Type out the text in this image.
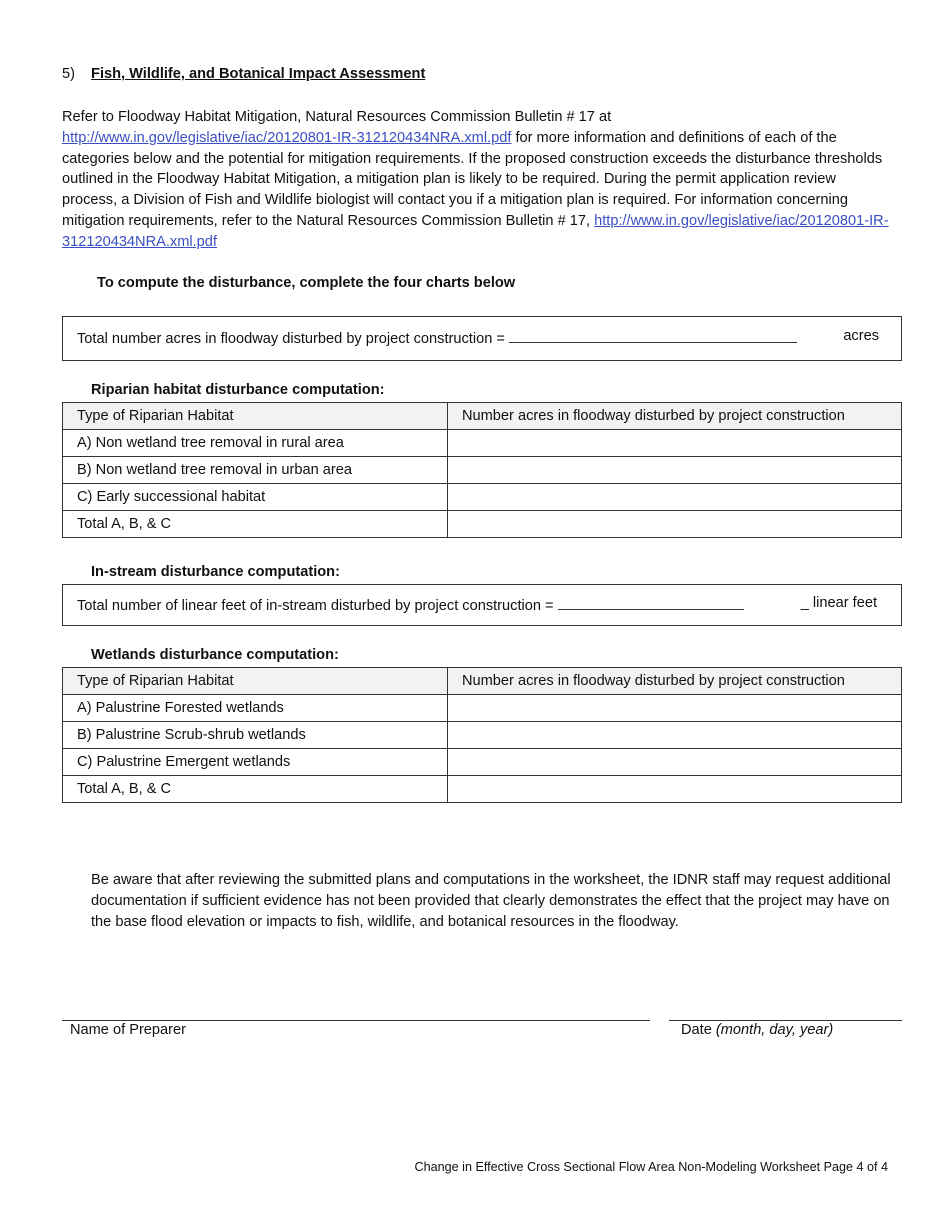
5) Fish, Wildlife, and Botanical Impact Assessment
Refer to Floodway Habitat Mitigation, Natural Resources Commission Bulletin # 17 at
http://www.in.gov/legislative/iac/20120801-IR-312120434NRA.xml.pdf for more information and definitions of each of the categories below and the potential for mitigation requirements. If the proposed construction exceeds the disturbance thresholds outlined in the Floodway Habitat Mitigation, a mitigation plan is likely to be required. During the permit application review process, a Division of Fish and Wildlife biologist will contact you if a mitigation plan is required. For information concerning mitigation requirements, refer to the Natural Resources Commission Bulletin # 17, http://www.in.gov/legislative/iac/20120801-IR-312120434NRA.xml.pdf
To compute the disturbance, complete the four charts below
Total number acres in floodway disturbed by project construction =	acres
Riparian habitat disturbance computation:
Type of Riparian Habitat	Number acres in floodway disturbed by project construction
A) Non wetland tree removal in rural area	
B) Non wetland tree removal in urban area	
C) Early successional habitat	
Total A, B, & C	
In-stream disturbance computation:
Total number of linear feet of in-stream disturbed by project construction =	_ linear feet
Wetlands disturbance computation:
Type of Riparian Habitat	Number acres in floodway disturbed by project construction
A) Palustrine Forested wetlands	
B) Palustrine Scrub-shrub wetlands	
C) Palustrine Emergent wetlands	
Total A, B, & C	
Be aware that after reviewing the submitted plans and computations in the worksheet, the IDNR staff may request additional documentation if sufficient evidence has not been provided that clearly demonstrates the effect that the project may have on the base flood elevation or impacts to fish, wildlife, and botanical resources in the floodway.
Name of Preparer	Date (month, day, year)
Change in Effective Cross Sectional Flow Area Non-Modeling Worksheet Page 4 of 4
